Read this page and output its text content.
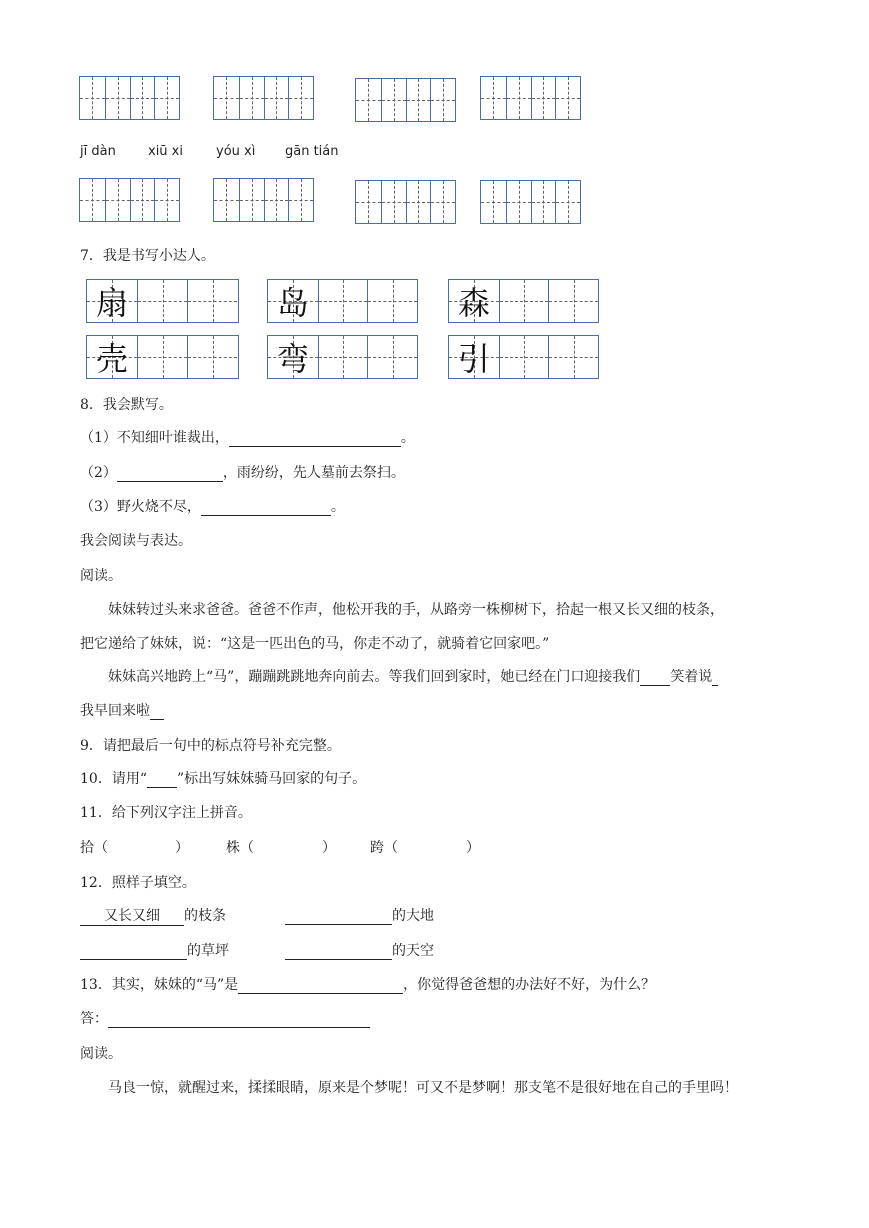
jī dàn xiū xi	yóu xì gān tián
7．我是书写小达人。
扇	岛	森
壳	弯	引
8．我会默写。
（1）不知细叶谁裁出，	。
（2）	，雨纷纷，先人墓前去祭扫。
（3）野火烧不尽，	。
我会阅读与表达。
阅读。
妹妹转过头来求爸爸。爸爸不作声，他松开我的手，从路旁一株柳树下，拾起一根又长又细的枝条，
把它递给了妹妹，说：“这是一匹出色的马，你走不动了，就骑着它回家吧。”
妹妹高兴地跨上“马”，蹦蹦跳跳地奔向前去。等我们回到家时，她已经在门口迎接我们 笑着说
我早回来啦
9．请把最后一句中的标点符号补充完整。
10．请用“ ”标出写妹妹骑马回家的句子。
11．给下列汉字注上拼音。
拾（	）	株（	） 跨（	）
12．照样子填空。
又长又细 的枝条	的大地
的草坪	的天空
13．其实，妹妹的“马”是	，你觉得爸爸想的办法好不好，为什么？
答：
阅读。
马良一惊，就醒过来，揉揉眼睛，原来是个梦呢！可又不是梦啊！那支笔不是很好地在自己的手里吗！
